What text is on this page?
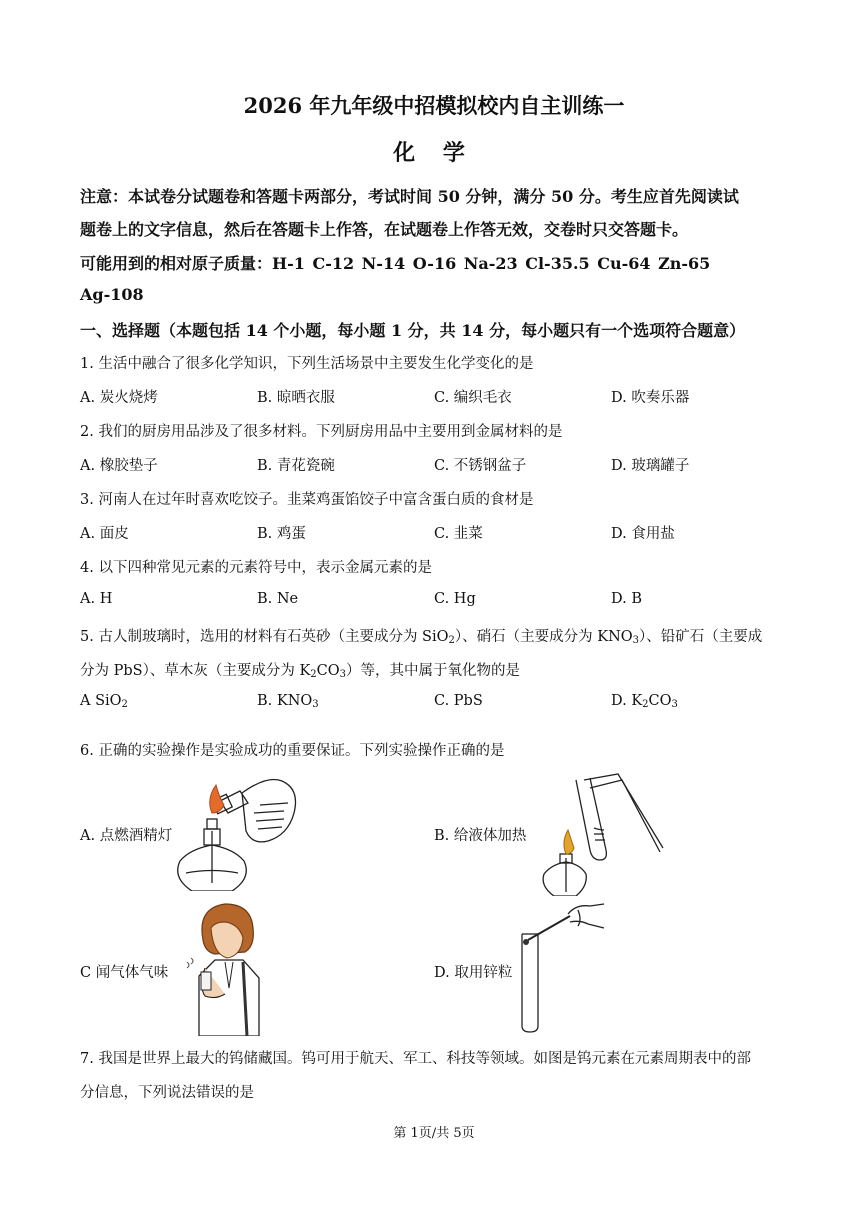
2026 年九年级中招模拟校内自主训练一
化 学
注意：本试卷分试题卷和答题卡两部分，考试时间 50 分钟，满分 50 分。考生应首先阅读试
题卷上的文字信息，然后在答题卡上作答，在试题卷上作答无效，交卷时只交答题卡。
可能用到的相对原子质量：H-1 C-12 N-14 O-16 Na-23 Cl-35.5 Cu-64 Zn-65
Ag-108
一、选择题（本题包括 14 个小题，每小题 1 分，共 14 分，每小题只有一个选项符合题意）
1. 生活中融合了很多化学知识，下列生活场景中主要发生化学变化的是
A. 炭火烧烤	B. 晾晒衣服	C. 编织毛衣	D. 吹奏乐器
2. 我们的厨房用品涉及了很多材料。下列厨房用品中主要用到金属材料的是
A. 橡胶垫子	B. 青花瓷碗	C. 不锈钢盆子	D. 玻璃罐子
3. 河南人在过年时喜欢吃饺子。韭菜鸡蛋馅饺子中富含蛋白质的食材是
A. 面皮	B. 鸡蛋	C. 韭菜	D. 食用盐
4. 以下四种常见元素的元素符号中，表示金属元素的是
A. H	B. Ne	C. Hg	D. B
5. 古人制玻璃时，选用的材料有石英砂（主要成分为 SiO$_2$）、硝石（主要成分为 $KNO_3$）、铅矿石（主要成
分为 PbS）、草木灰（主要成分为 $K_2CO_3$）等，其中属于氧化物的是
A SiO$_2$	B. $KNO_3$	C. PbS	D. $K_2CO_3$
6. 正确的实验操作是实验成功的重要保证。下列实验操作正确的是
A. 点燃酒精灯	B. 给液体加热
C 闻气体气味	D. 取用锌粒
7. 我国是世界上最大的钨储藏国。钨可用于航天、军工、科技等领域。如图是钨元素在元素周期表中的部
分信息，下列说法错误的是
第 1页/共 5页
